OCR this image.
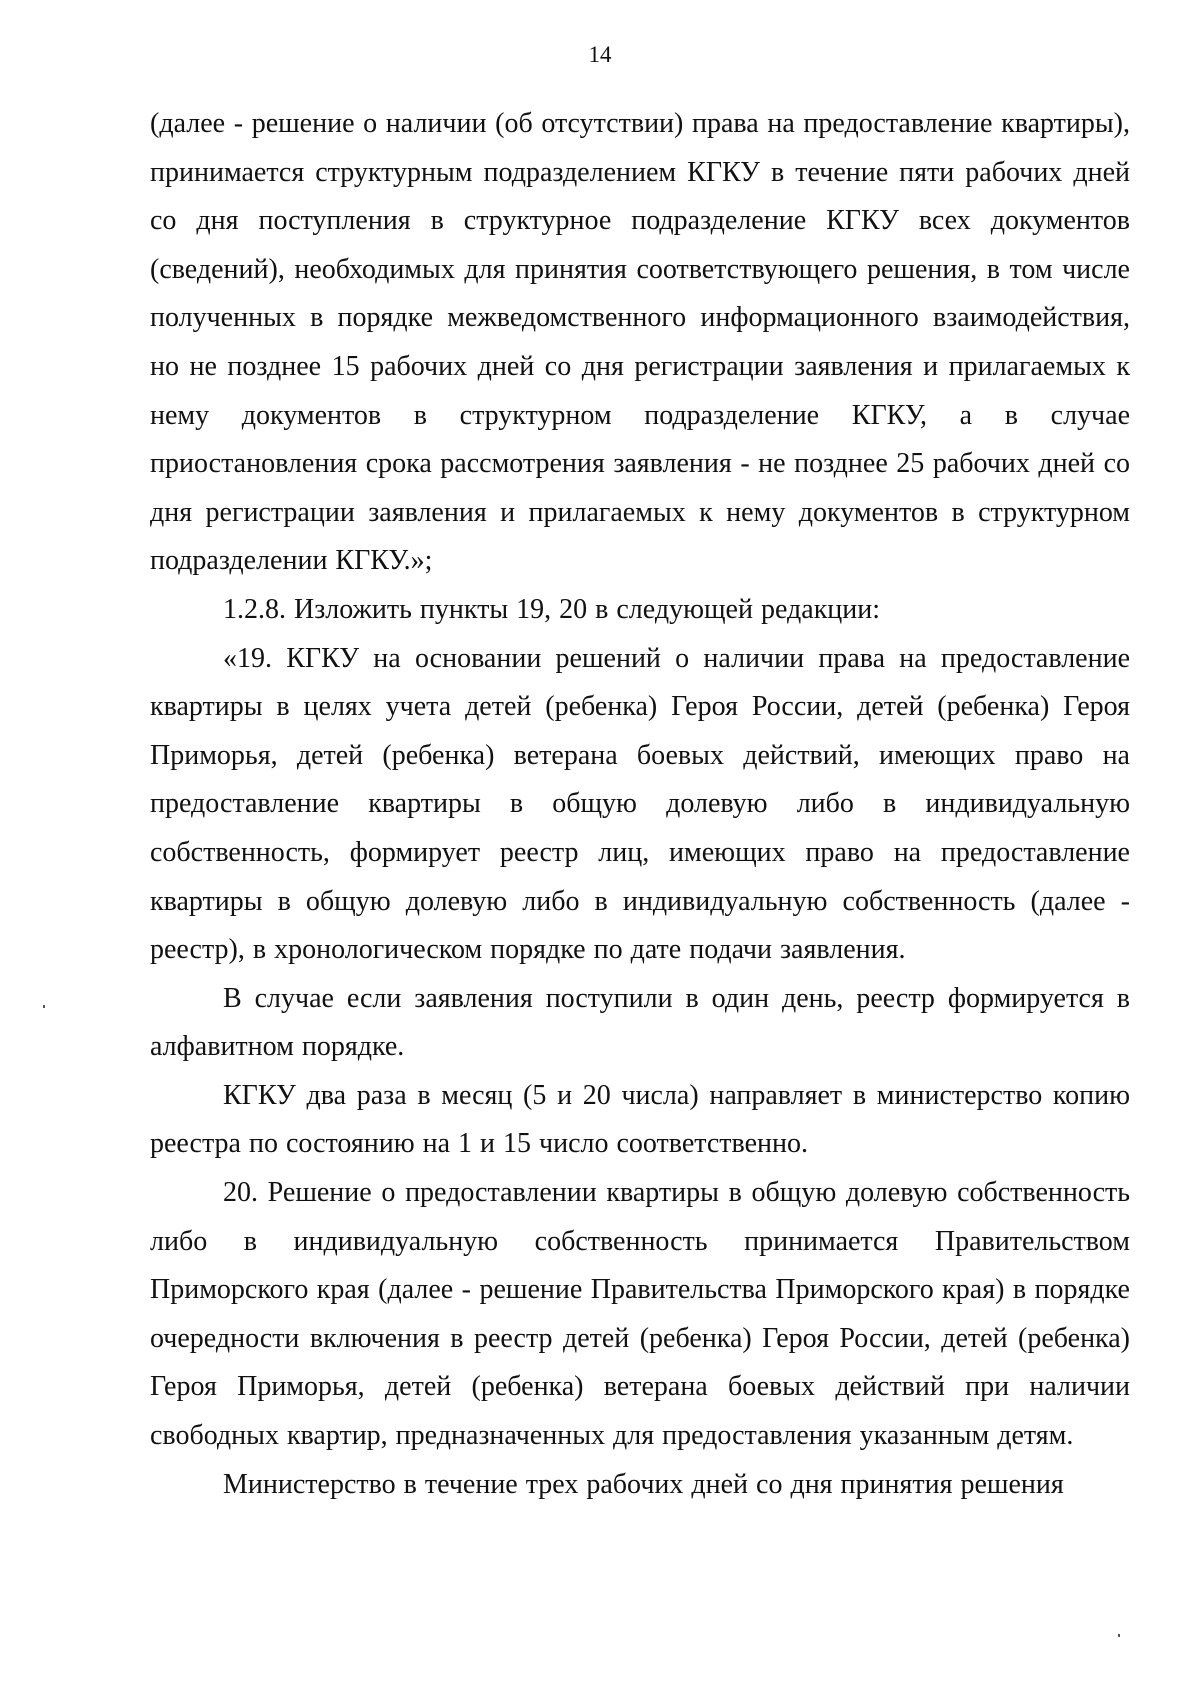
14

(далее - решение о наличии (об отсутствии) права на предоставление квартиры), принимается структурным подразделением КГКУ в течение пяти рабочих дней со дня поступления в структурное подразделение КГКУ всех документов (сведений), необходимых для принятия соответствующего решения, в том числе полученных в порядке межведомственного информационного взаимодействия, но не позднее 15 рабочих дней со дня регистрации заявления и прилагаемых к нему документов в структурном подразделение КГКУ, а в случае приостановления срока рассмотрения заявления - не позднее 25 рабочих дней со дня регистрации заявления и прилагаемых к нему документов в структурном подразделении КГКУ.»;

1.2.8. Изложить пункты 19, 20 в следующей редакции:

«19. КГКУ на основании решений о наличии права на предоставление квартиры в целях учета детей (ребенка) Героя России, детей (ребенка) Героя Приморья, детей (ребенка) ветерана боевых действий, имеющих право на предоставление квартиры в общую долевую либо в индивидуальную собственность, формирует реестр лиц, имеющих право на предоставление квартиры в общую долевую либо в индивидуальную собственность (далее - реестр), в хронологическом порядке по дате подачи заявления.

В случае если заявления поступили в один день, реестр формируется в алфавитном порядке.

КГКУ два раза в месяц (5 и 20 числа) направляет в министерство копию реестра по состоянию на 1 и 15 число соответственно.

20. Решение о предоставлении квартиры в общую долевую собственность либо в индивидуальную собственность принимается Правительством Приморского края (далее - решение Правительства Приморского края) в порядке очередности включения в реестр детей (ребенка) Героя России, детей (ребенка) Героя Приморья, детей (ребенка) ветерана боевых действий при наличии свободных квартир, предназначенных для предоставления указанным детям.

Министерство в течение трех рабочих дней со дня принятия решения
